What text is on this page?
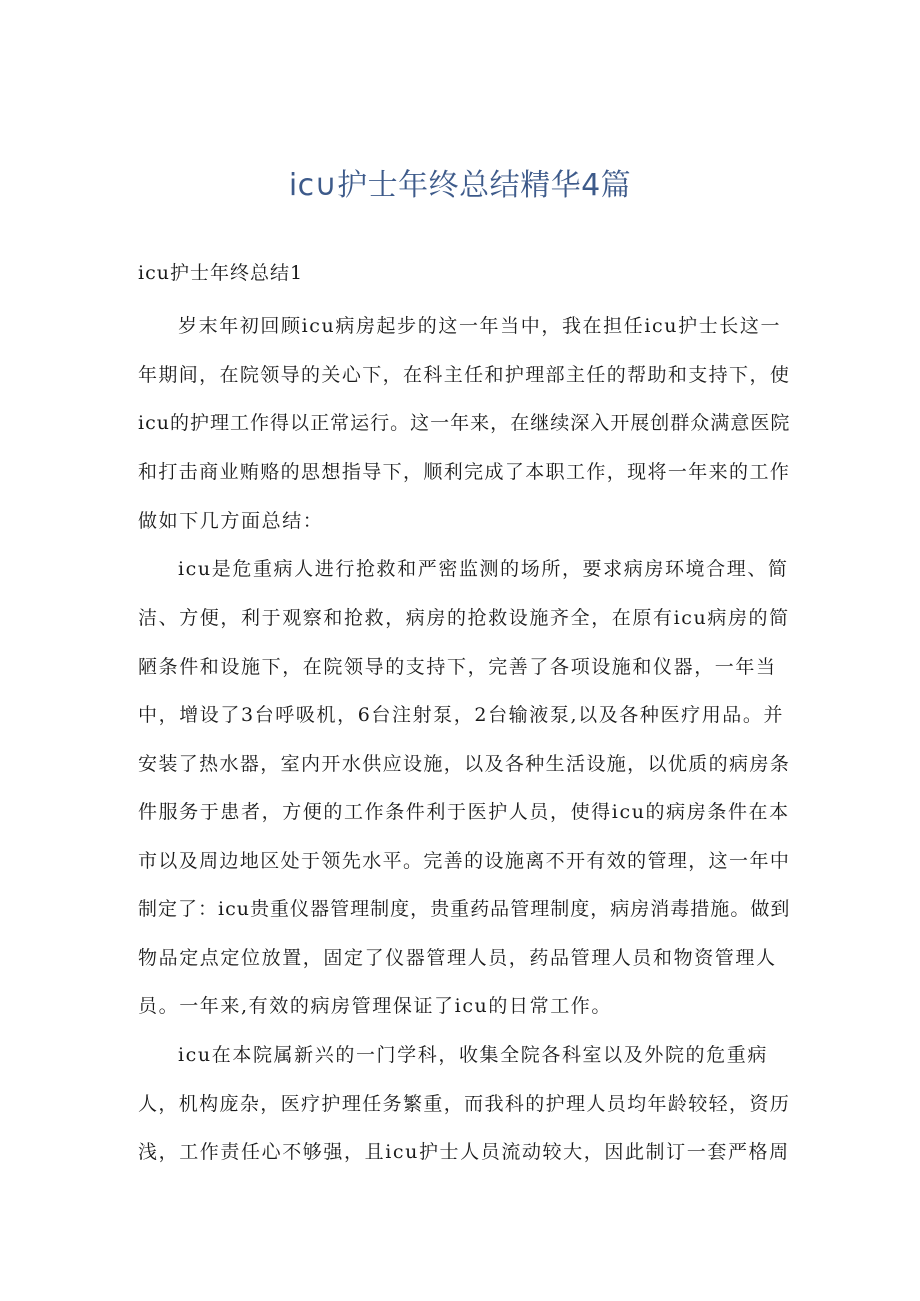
ic∪护士年终总结精华4篇
icu护士年终总结1
岁末年初回顾icu病房起步的这一年当中，我在担任icu护士长这一
年期间，在院领导的关心下，在科主任和护理部主任的帮助和支持下，使
icu的护理工作得以正常运行。这一年来，在继续深入开展创群众满意医院
和打击商业贿赂的思想指导下，顺利完成了本职工作，现将一年来的工作
做如下几方面总结：
icu是危重病人进行抢救和严密监测的场所，要求病房环境合理、简
洁、方便，利于观察和抢救，病房的抢救设施齐全，在原有icu病房的简
陋条件和设施下，在院领导的支持下，完善了各项设施和仪器，一年当
中，增设了3台呼吸机，6台注射泵，2台输液泵,以及各种医疗用品。并
安装了热水器，室内开水供应设施，以及各种生活设施，以优质的病房条
件服务于患者，方便的工作条件利于医护人员，使得icu的病房条件在本
市以及周边地区处于领先水平。完善的设施离不开有效的管理，这一年中
制定了：icu贵重仪器管理制度，贵重药品管理制度，病房消毒措施。做到
物品定点定位放置，固定了仪器管理人员，药品管理人员和物资管理人
员。一年来,有效的病房管理保证了icu的日常工作。
icu在本院属新兴的一门学科，收集全院各科室以及外院的危重病
人，机构庞杂，医疗护理任务繁重，而我科的护理人员均年龄较轻，资历
浅，工作责任心不够强，且icu护士人员流动较大，因此制订一套严格周
